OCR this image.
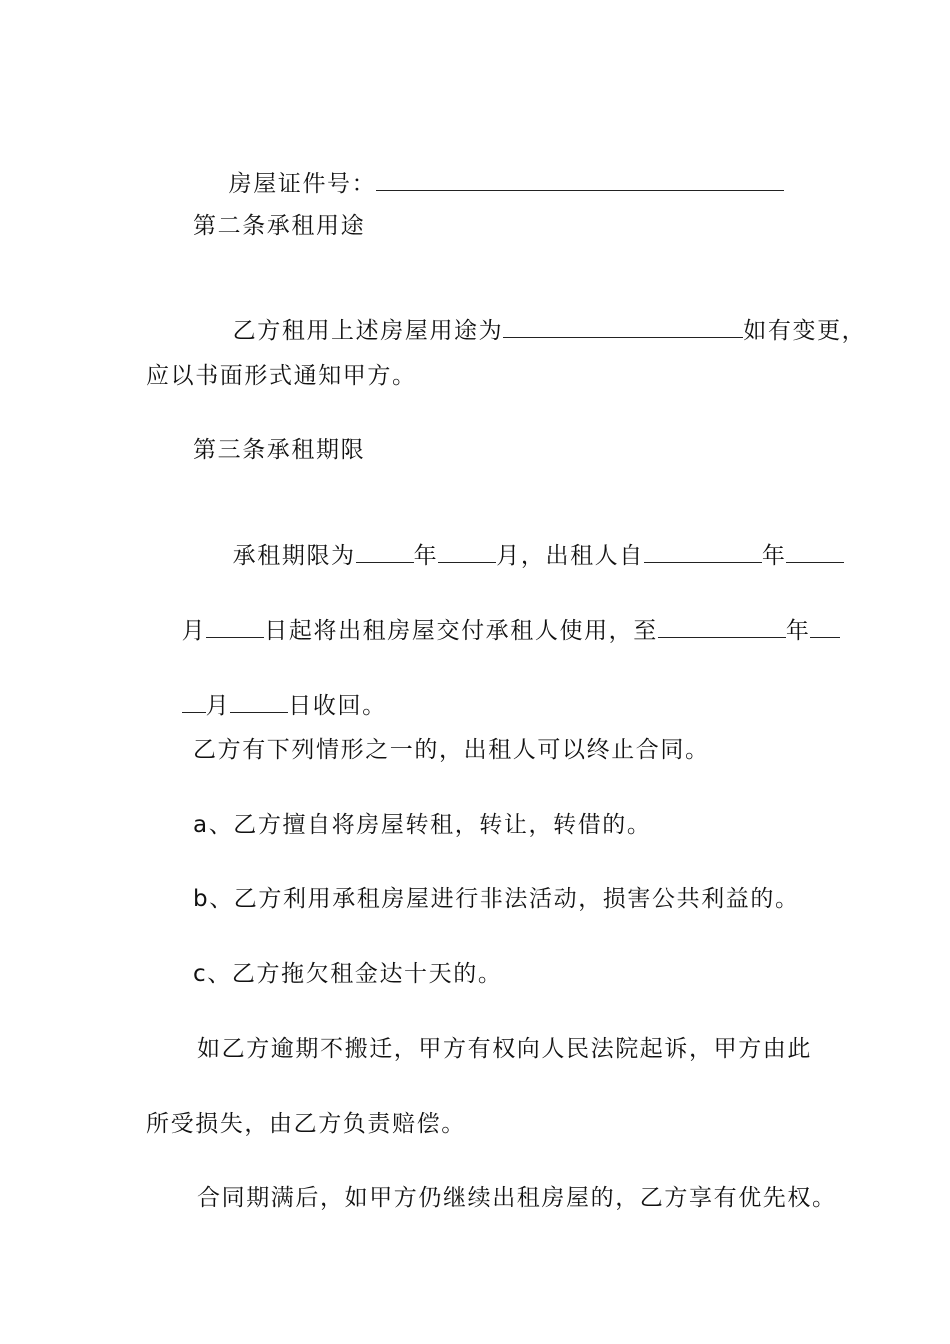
房屋证件号：

第二条承租用途

乙方租用上述房屋用途为	如有变更，

应以书面形式通知甲方。
第三条承租期限

承租期限为	年	月，出租人自	年

月	日起将出租房屋交付承租人使用，至	年

月	日收回。

乙方有下列情形之一的，出租人可以终止合同。
a、乙方擅自将房屋转租，转让，转借的。
b、乙方利用承租房屋进行非法活动，损害公共利益的。
c、乙方拖欠租金达十天的。
如乙方逾期不搬迁，甲方有权向人民法院起诉，甲方由此
所受损失，由乙方负责赔偿。
合同期满后，如甲方仍继续出租房屋的，乙方享有优先权。
